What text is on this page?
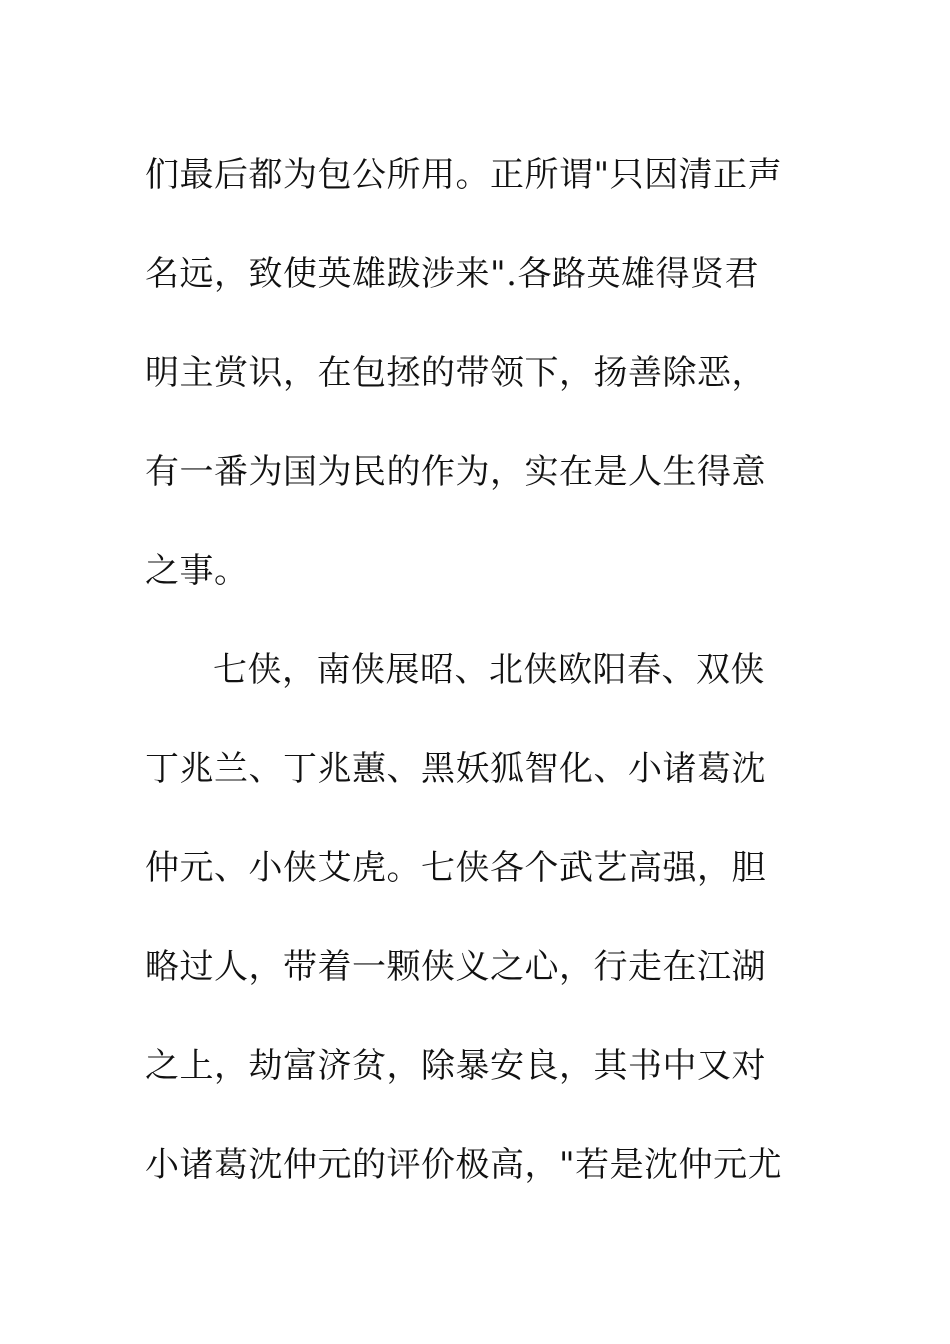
们最后都为包公所用。正所谓"只因清正声
名远，致使英雄跋涉来".各路英雄得贤君
明主赏识，在包拯的带领下，扬善除恶，
有一番为国为民的作为，实在是人生得意
之事。
七侠，南侠展昭、北侠欧阳春、双侠
丁兆兰、丁兆蕙、黑妖狐智化、小诸葛沈
仲元、小侠艾虎。七侠各个武艺高强，胆
略过人，带着一颗侠义之心，行走在江湖
之上，劫富济贫，除暴安良，其书中又对
小诸葛沈仲元的评价极高，"若是沈仲元尤
